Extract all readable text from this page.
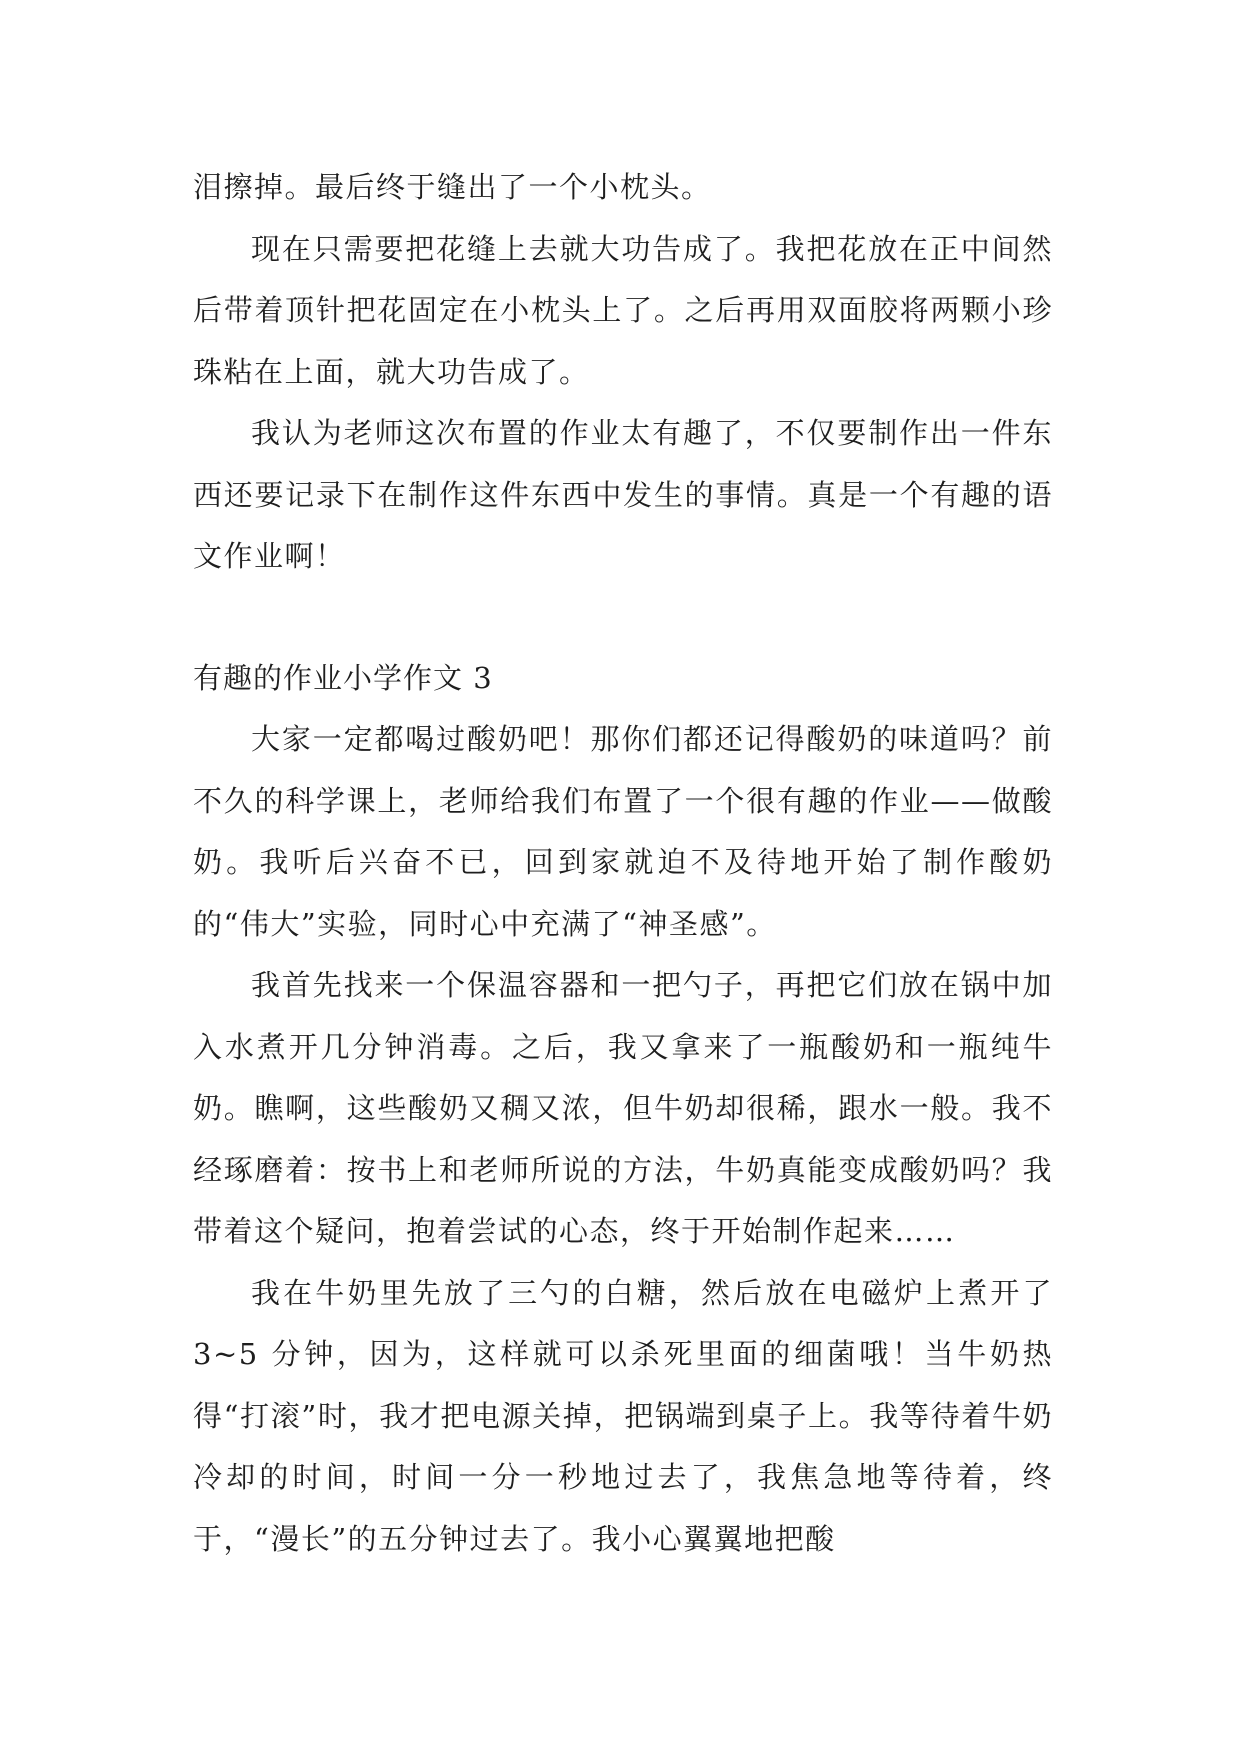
泪擦掉。最后终于缝出了一个小枕头。

现在只需要把花缝上去就大功告成了。我把花放在正中间然后带着顶针把花固定在小枕头上了。之后再用双面胶将两颗小珍珠粘在上面，就大功告成了。

我认为老师这次布置的作业太有趣了，不仅要制作出一件东西还要记录下在制作这件东西中发生的事情。真是一个有趣的语文作业啊！

有趣的作业小学作文 3

大家一定都喝过酸奶吧！那你们都还记得酸奶的味道吗？前不久的科学课上，老师给我们布置了一个很有趣的作业——做酸奶。我听后兴奋不已，回到家就迫不及待地开始了制作酸奶的“伟大”实验，同时心中充满了“神圣感”。

我首先找来一个保温容器和一把勺子，再把它们放在锅中加入水煮开几分钟消毒。之后，我又拿来了一瓶酸奶和一瓶纯牛奶。瞧啊，这些酸奶又稠又浓，但牛奶却很稀，跟水一般。我不经琢磨着：按书上和老师所说的方法，牛奶真能变成酸奶吗？我带着这个疑问，抱着尝试的心态，终于开始制作起来……

我在牛奶里先放了三勺的白糖，然后放在电磁炉上煮开了 3~5 分钟，因为，这样就可以杀死里面的细菌哦！当牛奶热得“打滚”时，我才把电源关掉，把锅端到桌子上。我等待着牛奶冷却的时间，时间一分一秒地过去了，我焦急地等待着，终于，“漫长”的五分钟过去了。我小心翼翼地把酸
